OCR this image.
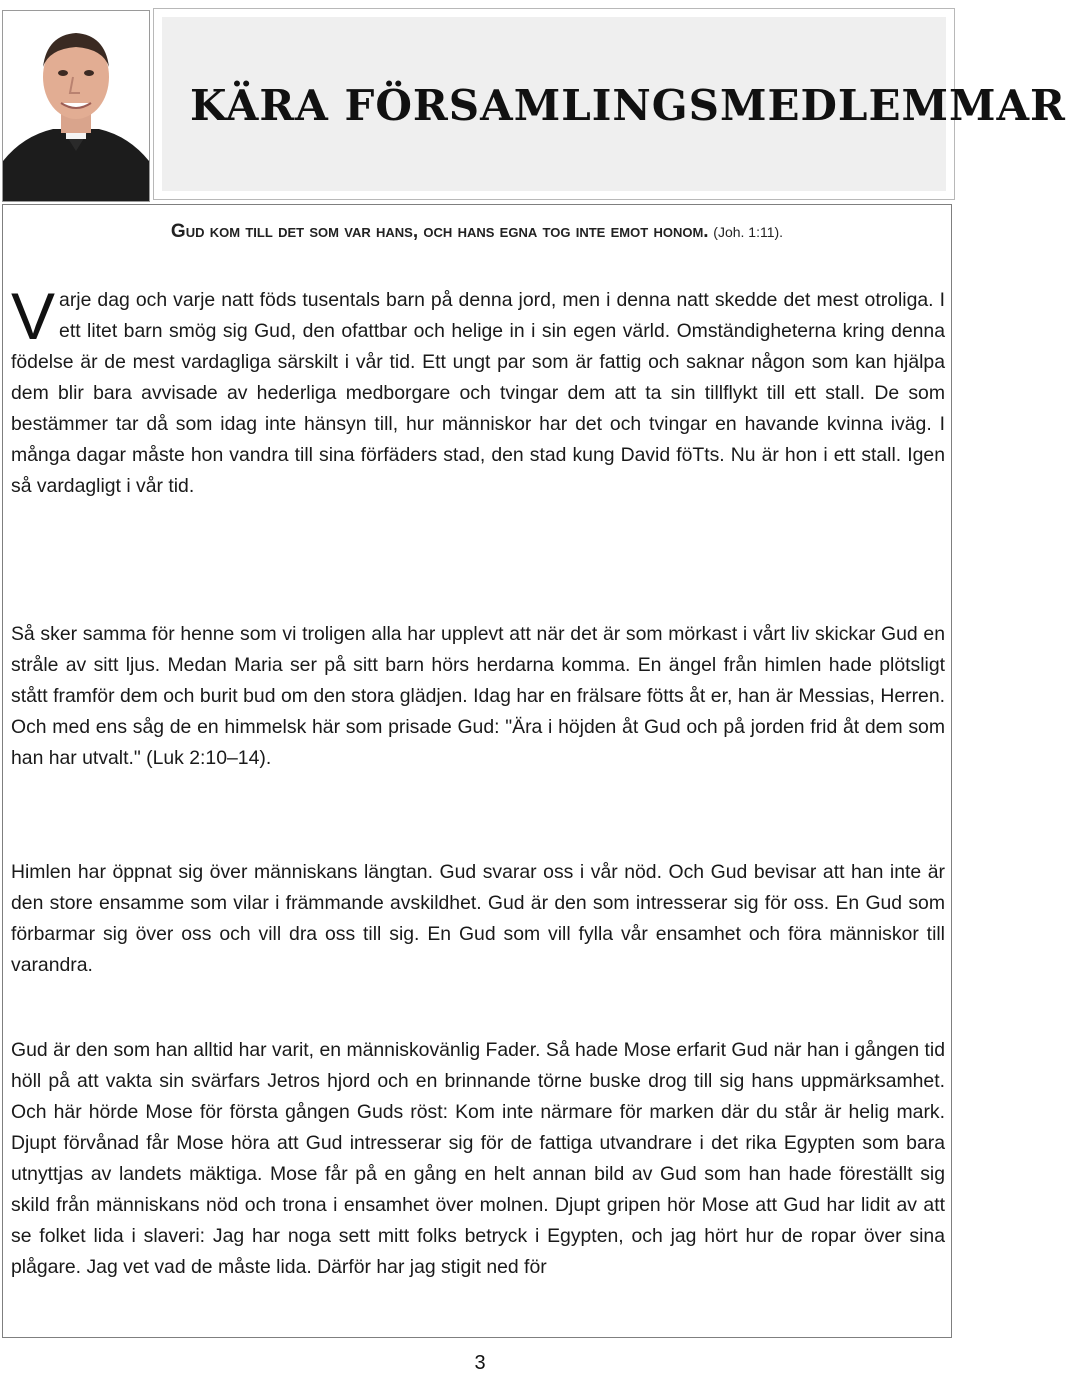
KÄRA FÖRSAMLINGSMEDLEMMAR

Gud kom till det som var hans, och hans egna tog inte emot honom. (Joh. 1:11).

Varje dag och varje natt föds tusentals barn på denna jord, men i denna natt skedde det mest otroliga. I ett litet barn smög sig Gud, den ofattbar och helige in i sin egen värld. Omständigheterna kring denna födelse är de mest vardagliga särskilt i vår tid. Ett ungt par som är fattig och saknar någon som kan hjälpa dem blir bara avvisade av hederliga medborgare och tvingar dem att ta sin tillflykt till ett stall. De som bestämmer tar då som idag inte hänsyn till, hur människor har det och tvingar en havande kvinna iväg. I många dagar måste hon vandra till sina förfäders stad, den stad kung David föTts. Nu är hon i ett stall. Igen så vardagligt i vår tid.

Så sker samma för henne som vi troligen alla har upplevt att när det är som mörkast i vårt liv skickar Gud en stråle av sitt ljus. Medan Maria ser på sitt barn hörs herdarna komma. En ängel från himlen hade plötsligt stått framför dem och burit bud om den stora glädjen. Idag har en frälsare fötts åt er, han är Messias, Herren. Och med ens såg de en himmelsk här som prisade Gud: "Ära i höjden åt Gud och på jorden frid åt dem som han har utvalt." (Luk 2:10–14).

Himlen har öppnat sig över människans längtan. Gud svarar oss i vår nöd. Och Gud bevisar att han inte är den store ensamme som vilar i främmande avskildhet. Gud är den som intresserar sig för oss. En Gud som förbarmar sig över oss och vill dra oss till sig. En Gud som vill fylla vår ensamhet och föra människor till varandra.

Gud är den som han alltid har varit, en människovänlig Fader. Så hade Mose erfarit Gud när han i gången tid höll på att vakta sin svärfars Jetros hjord och en brinnande törne buske drog till sig hans uppmärksamhet. Och här hörde Mose för första gången Guds röst: Kom inte närmare för marken där du står är helig mark. Djupt förvånad får Mose höra att Gud intresserar sig för de fattiga utvandrare i det rika Egypten som bara utnyttjas av landets mäktiga. Mose får på en gång en helt annan bild av Gud som han hade föreställt sig skild från människans nöd och trona i ensamhet över molnen. Djupt gripen hör Mose att Gud har lidit av att se folket lida i slaveri: Jag har noga sett mitt folks betryck i Egypten, och jag hört hur de ropar över sina plågare. Jag vet vad de måste lida. Därför har jag stigit ned för

3
